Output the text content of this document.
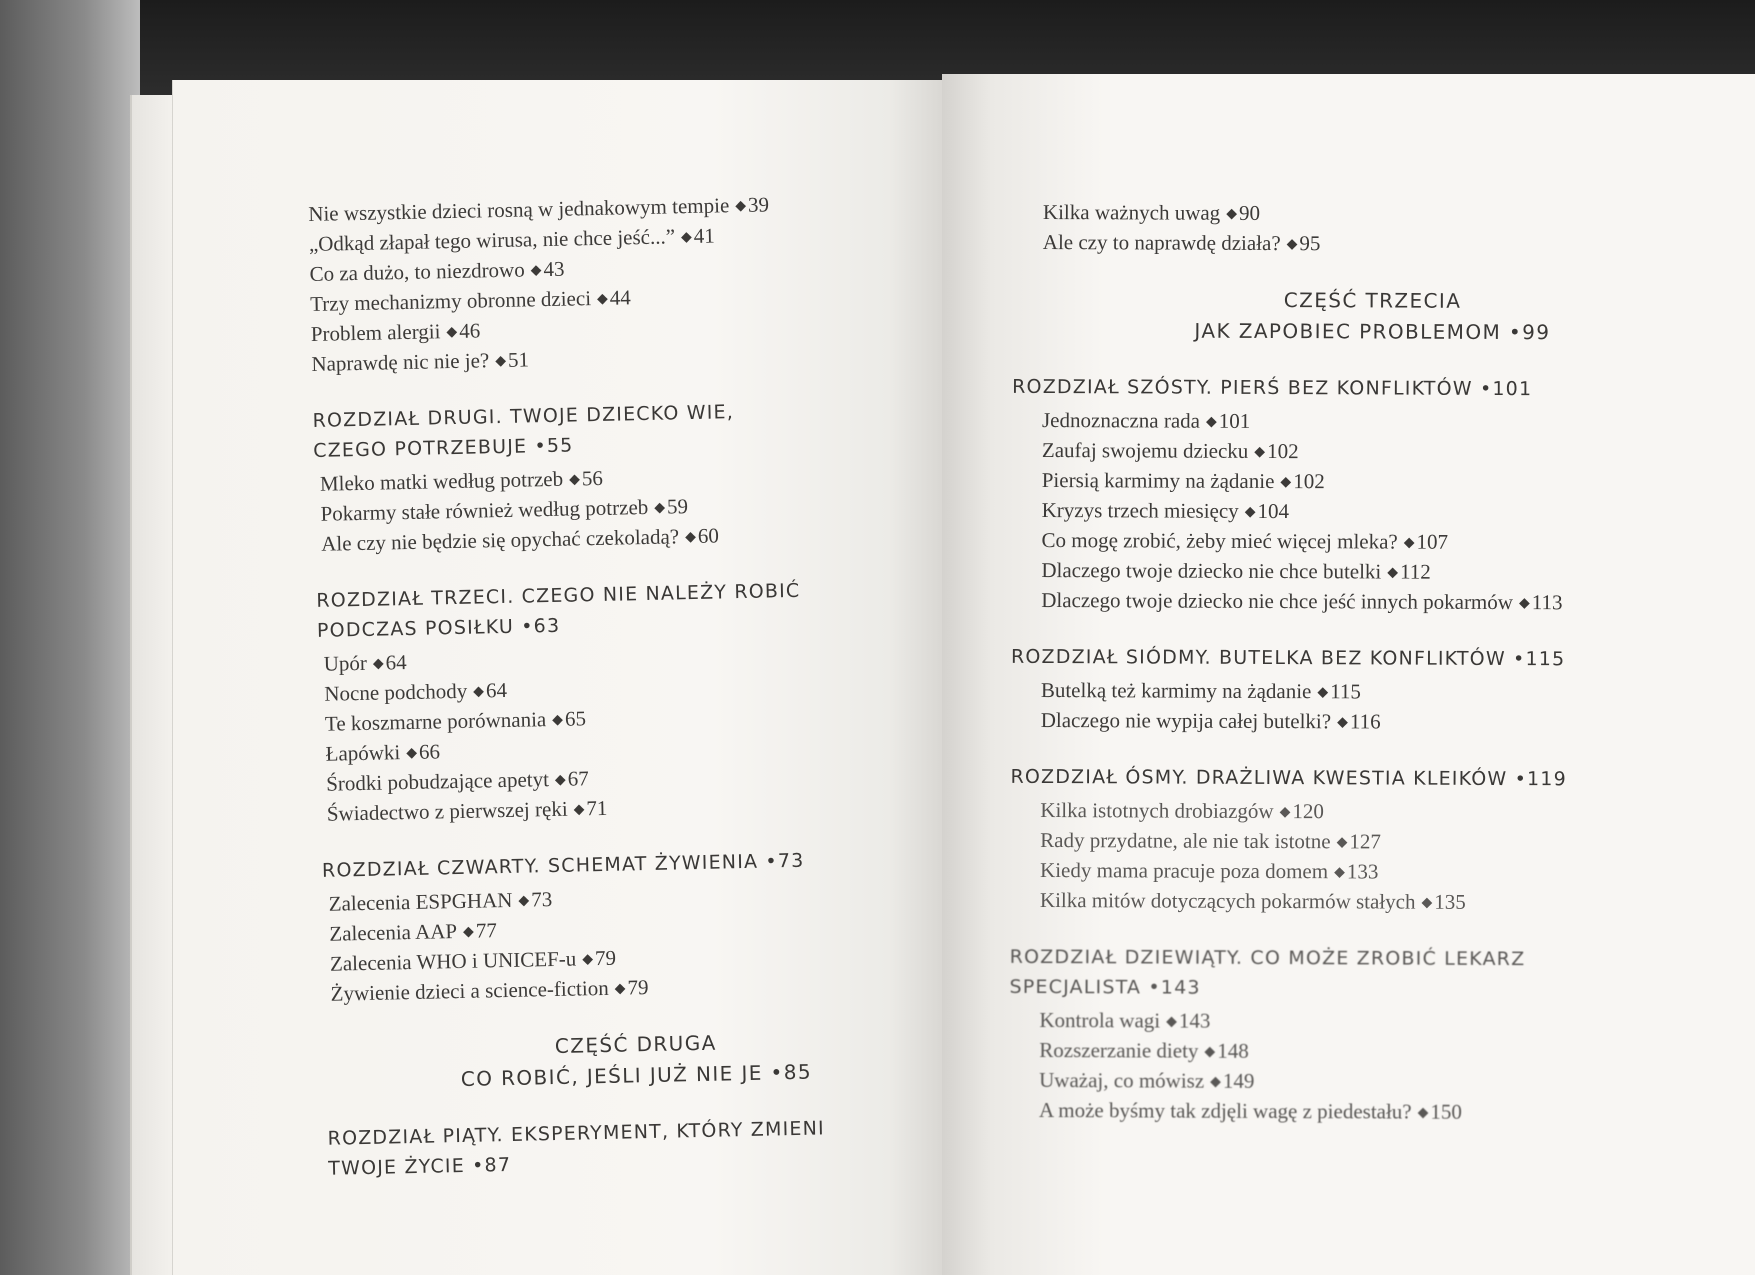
Nie wszystkie dzieci rosną w jednakowym tempie ◆39
„Odkąd złapał tego wirusa, nie chce jeść...” ◆41
Co za dużo, to niezdrowo ◆43
Trzy mechanizmy obronne dzieci ◆44
Problem alergii ◆46
Naprawdę nic nie je? ◆51
ROZDZIAŁ DRUGI. TWOJE DZIECKO WIE,
CZEGO POTRZEBUJE •55
Mleko matki według potrzeb ◆56
Pokarmy stałe również według potrzeb ◆59
Ale czy nie będzie się opychać czekoladą? ◆60
ROZDZIAŁ TRZECI. CZEGO NIE NALEŻY ROBIĆ
PODCZAS POSIŁKU •63
Upór ◆64
Nocne podchody ◆64
Te koszmarne porównania ◆65
Łapówki ◆66
Środki pobudzające apetyt ◆67
Świadectwo z pierwszej ręki ◆71
ROZDZIAŁ CZWARTY. SCHEMAT ŻYWIENIA •73
Zalecenia ESPGHAN ◆73
Zalecenia AAP ◆77
Zalecenia WHO i UNICEF-u ◆79
Żywienie dzieci a science-fiction ◆79
CZĘŚĆ DRUGA
CO ROBIĆ, JEŚLI JUŻ NIE JE •85
ROZDZIAŁ PIĄTY. EKSPERYMENT, KTÓRY ZMIENI
TWOJE ŻYCIE •87
Kilka ważnych uwag ◆90
Ale czy to naprawdę działa? ◆95
CZĘŚĆ TRZECIA
JAK ZAPOBIEC PROBLEMOM •99
ROZDZIAŁ SZÓSTY. PIERŚ BEZ KONFLIKTÓW •101
Jednoznaczna rada ◆101
Zaufaj swojemu dziecku ◆102
Piersią karmimy na żądanie ◆102
Kryzys trzech miesięcy ◆104
Co mogę zrobić, żeby mieć więcej mleka? ◆107
Dlaczego twoje dziecko nie chce butelki ◆112
Dlaczego twoje dziecko nie chce jeść innych pokarmów ◆113
ROZDZIAŁ SIÓDMY. BUTELKA BEZ KONFLIKTÓW •115
Butelką też karmimy na żądanie ◆115
Dlaczego nie wypija całej butelki? ◆116
ROZDZIAŁ ÓSMY. DRAŻLIWA KWESTIA KLEIKÓW •119
Kilka istotnych drobiazgów ◆120
Rady przydatne, ale nie tak istotne ◆127
Kiedy mama pracuje poza domem ◆133
Kilka mitów dotyczących pokarmów stałych ◆135
ROZDZIAŁ DZIEWIĄTY. CO MOŻE ZROBIĆ LEKARZ
SPECJALISTA •143
Kontrola wagi ◆143
Rozszerzanie diety ◆148
Uważaj, co mówisz ◆149
A może byśmy tak zdjęli wagę z piedestału? ◆150
